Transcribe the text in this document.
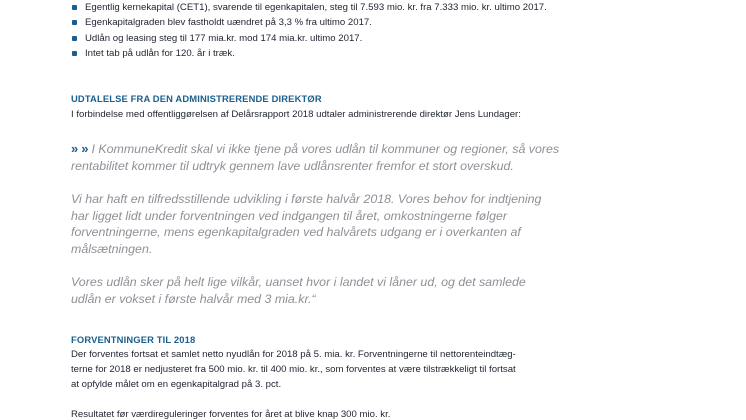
Egentlig kernekapital (CET1), svarende til egenkapitalen, steg til 7.593 mio. kr. fra 7.333 mio. kr. ultimo 2017.
Egenkapitalgraden blev fastholdt uændret på 3,3 % fra ultimo 2017.
Udlån og leasing steg til 177 mia.kr. mod 174 mia.kr. ultimo 2017.
Intet tab på udlån for 120. år i træk.
UDTALELSE FRA DEN ADMINISTRERENDE DIREKTØR
I forbindelse med offentliggørelsen af Delårsrapport 2018 udtaler administrerende direktør Jens Lundager:
» » I KommuneKredit skal vi ikke tjene på vores udlån til kommuner og regioner, så vores
rentabilitet kommer til udtryk gennem lave udlånsrenter fremfor et stort overskud.
Vi har haft en tilfredsstillende udvikling i første halvår 2018. Vores behov for indtjening
har ligget lidt under forventningen ved indgangen til året, omkostningerne følger
forventningerne, mens egenkapitalgraden ved halvårets udgang er i overkanten af
målsætningen.
Vores udlån sker på helt lige vilkår, uanset hvor i landet vi låner ud, og det samlede
udlån er vokset i første halvår med 3 mia.kr.“
FORVENTNINGER TIL 2018
Der forventes fortsat et samlet netto nyudlån for 2018 på 5. mia. kr. Forventningerne til nettorenteindtæg-
terne for 2018 er nedjusteret fra 500 mio. kr. til 400 mio. kr., som forventes at være tilstrækkeligt til fortsat
at opfylde målet om en egenkapitalgrad på 3. pct.
Resultatet før værdireguleringer forventes for året at blive knap 300 mio. kr.
